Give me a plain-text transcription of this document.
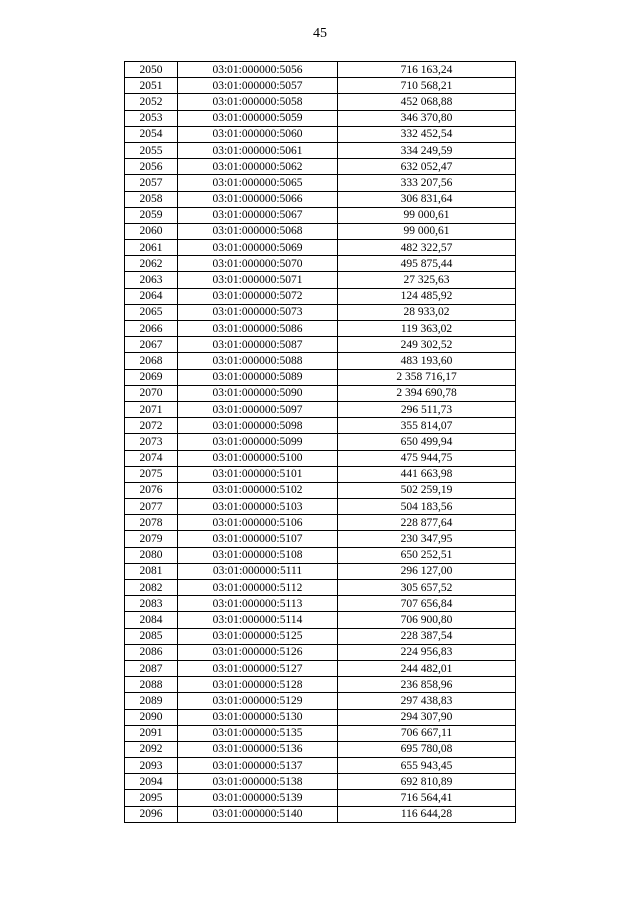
45
2050	03:01:000000:5056	716 163,24
2051	03:01:000000:5057	710 568,21
2052	03:01:000000:5058	452 068,88
2053	03:01:000000:5059	346 370,80
2054	03:01:000000:5060	332 452,54
2055	03:01:000000:5061	334 249,59
2056	03:01:000000:5062	632 052,47
2057	03:01:000000:5065	333 207,56
2058	03:01:000000:5066	306 831,64
2059	03:01:000000:5067	99 000,61
2060	03:01:000000:5068	99 000,61
2061	03:01:000000:5069	482 322,57
2062	03:01:000000:5070	495 875,44
2063	03:01:000000:5071	27 325,63
2064	03:01:000000:5072	124 485,92
2065	03:01:000000:5073	28 933,02
2066	03:01:000000:5086	119 363,02
2067	03:01:000000:5087	249 302,52
2068	03:01:000000:5088	483 193,60
2069	03:01:000000:5089	2 358 716,17
2070	03:01:000000:5090	2 394 690,78
2071	03:01:000000:5097	296 511,73
2072	03:01:000000:5098	355 814,07
2073	03:01:000000:5099	650 499,94
2074	03:01:000000:5100	475 944,75
2075	03:01:000000:5101	441 663,98
2076	03:01:000000:5102	502 259,19
2077	03:01:000000:5103	504 183,56
2078	03:01:000000:5106	228 877,64
2079	03:01:000000:5107	230 347,95
2080	03:01:000000:5108	650 252,51
2081	03:01:000000:5111	296 127,00
2082	03:01:000000:5112	305 657,52
2083	03:01:000000:5113	707 656,84
2084	03:01:000000:5114	706 900,80
2085	03:01:000000:5125	228 387,54
2086	03:01:000000:5126	224 956,83
2087	03:01:000000:5127	244 482,01
2088	03:01:000000:5128	236 858,96
2089	03:01:000000:5129	297 438,83
2090	03:01:000000:5130	294 307,90
2091	03:01:000000:5135	706 667,11
2092	03:01:000000:5136	695 780,08
2093	03:01:000000:5137	655 943,45
2094	03:01:000000:5138	692 810,89
2095	03:01:000000:5139	716 564,41
2096	03:01:000000:5140	116 644,28
